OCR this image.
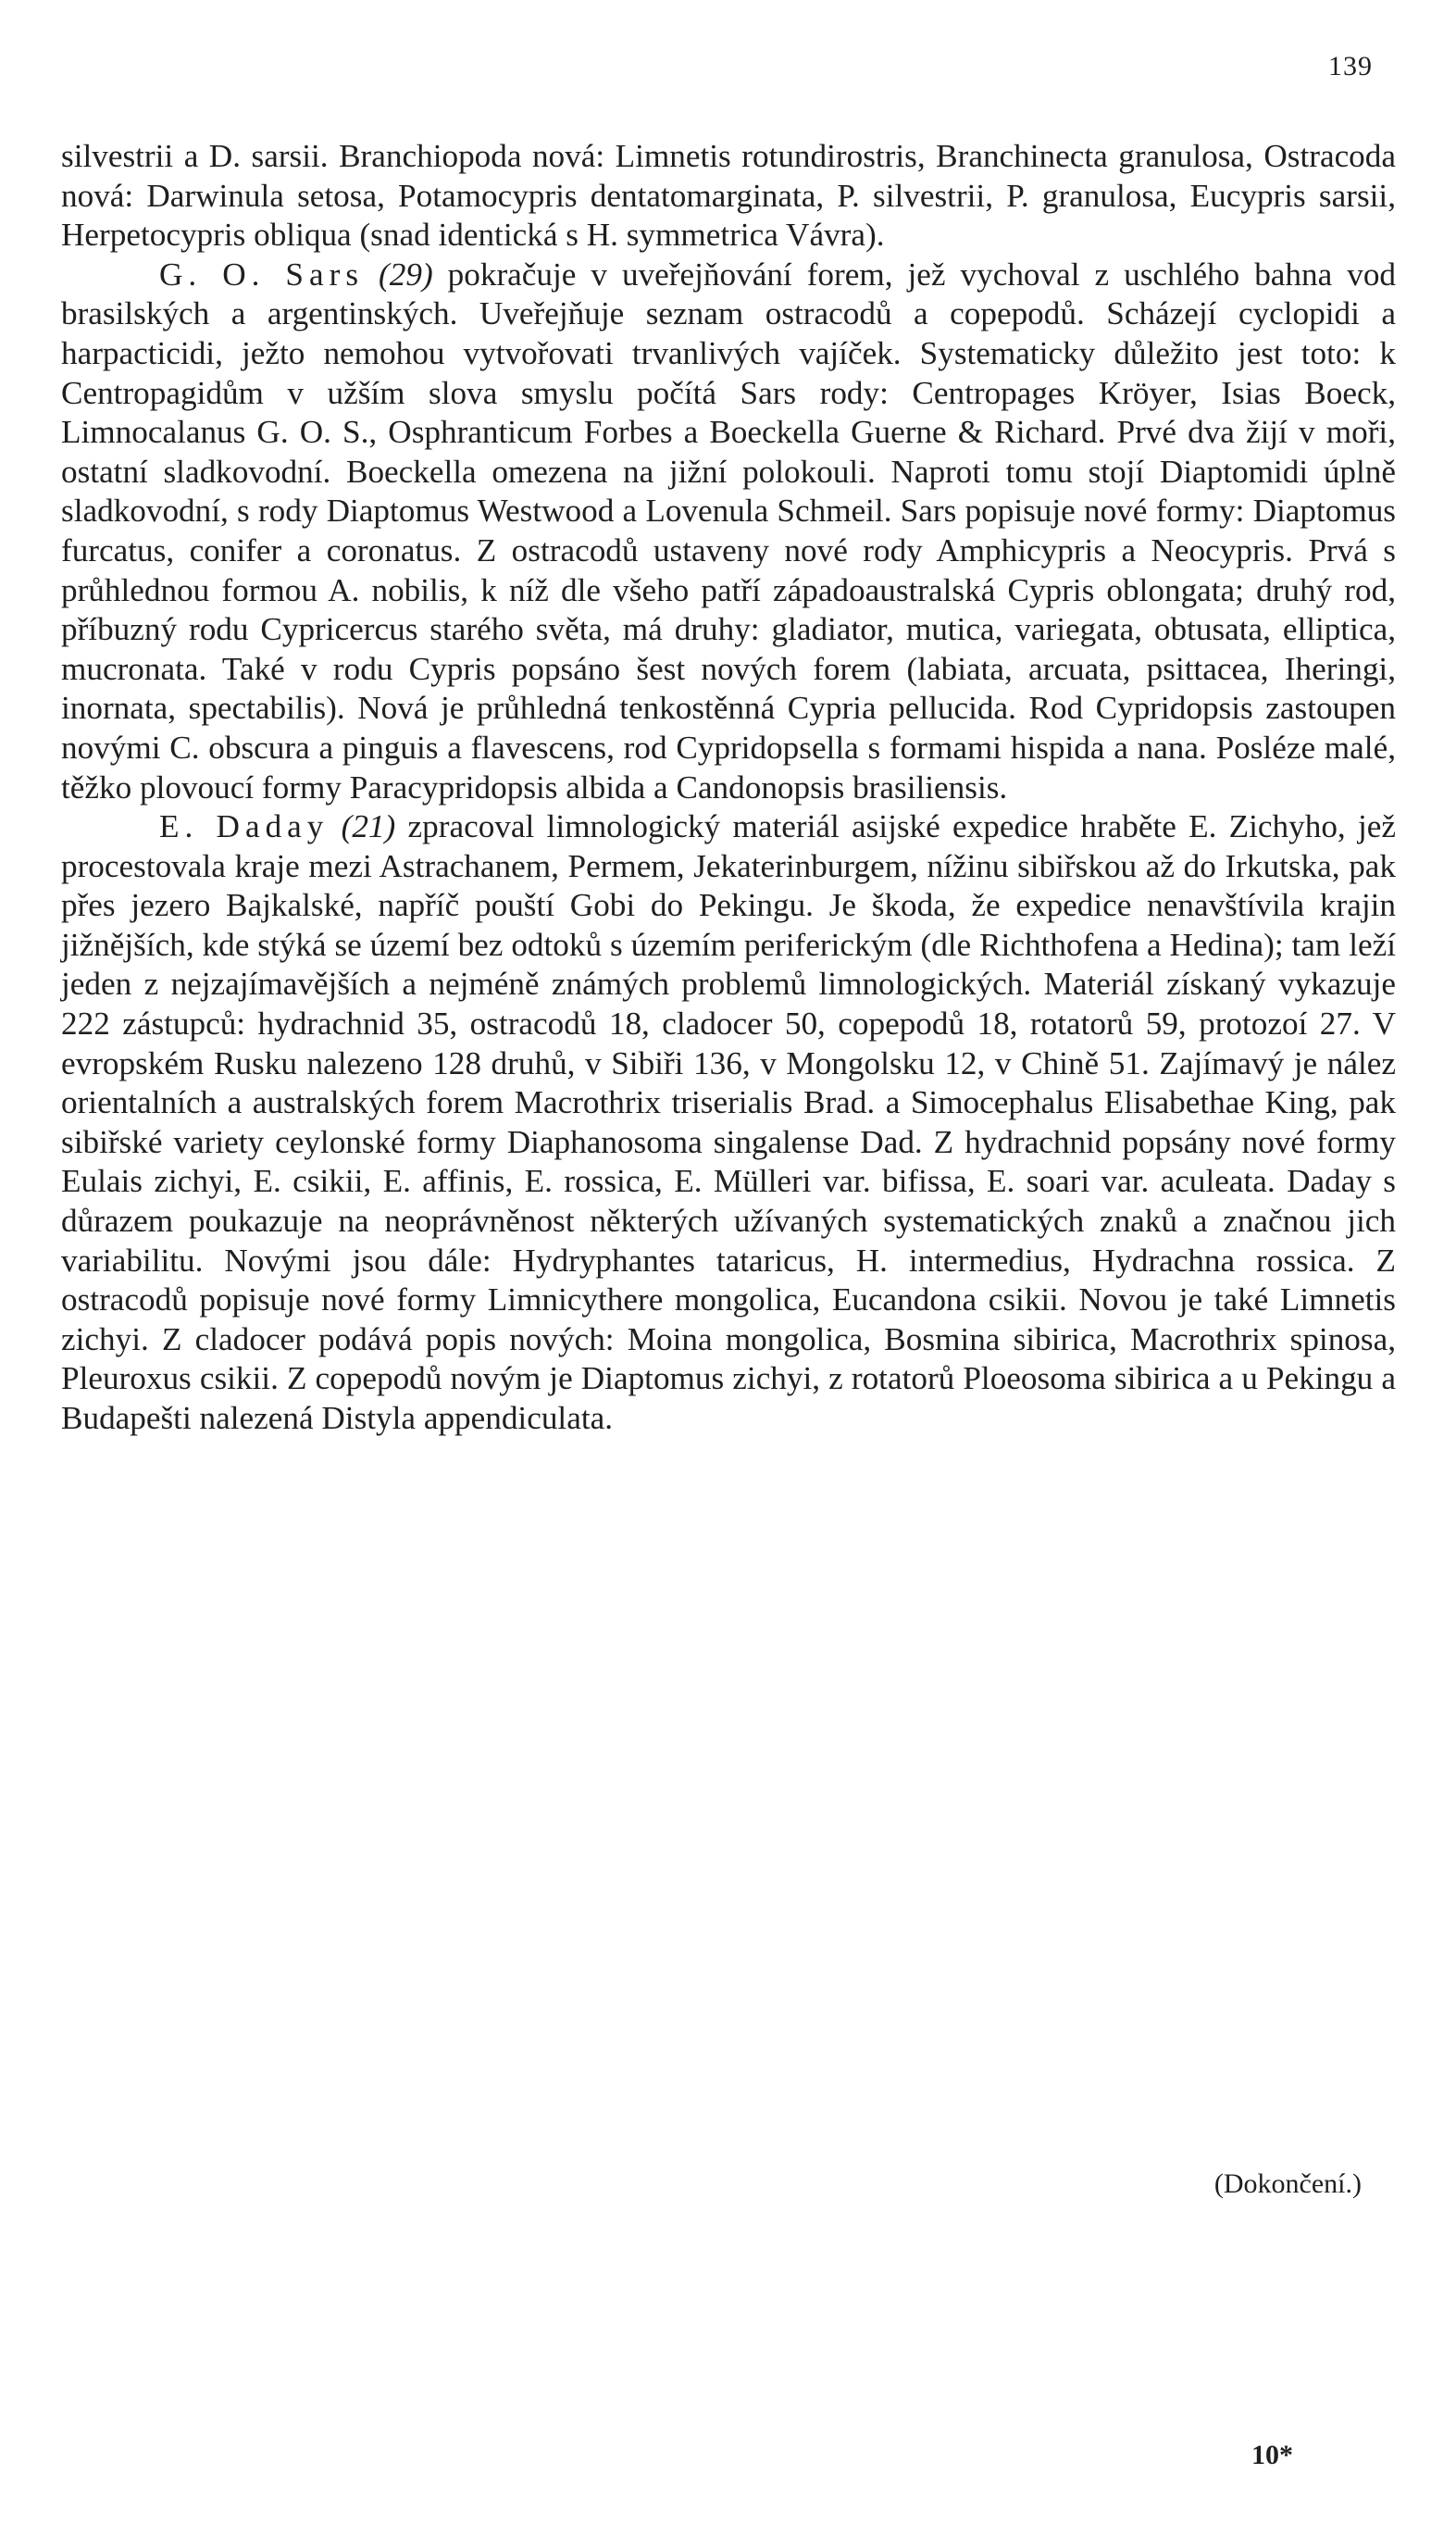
139

silvestrii a D. sarsii. Branchiopoda nová: Limnetis rotundirostris, Branchinecta granulosa, Ostracoda nová: Darwinula setosa, Potamocypris dentatomarginata, P. silvestrii, P. granulosa, Eucypris sarsii, Herpetocypris obliqua (snad identická s H. symmetrica Vávra).

G. O. Sars (29) pokračuje v uveřejňování forem, jež vychoval z uschlého bahna vod brasilských a argentinských. Uveřejňuje seznam ostracodů a copepodů. Scházejí cyclopidi a harpacticidi, ježto nemohou vytvořovati trvanlivých vajíček. Systematicky důležito jest toto: k Centropagidům v užším slova smyslu počítá Sars rody: Centropages Kröyer, Isias Boeck, Limnocalanus G. O. S., Osphranticum Forbes a Boeckella Guerne & Richard. Prvé dva žijí v moři, ostatní sladkovodní. Boeckella omezena na jižní polokouli. Naproti tomu stojí Diaptomidi úplně sladkovodní, s rody Diaptomus Westwood a Lovenula Schmeil. Sars popisuje nové formy: Diaptomus furcatus, conifer a coronatus. Z ostracodů ustaveny nové rody Amphicypris a Neocypris. Prvá s průhlednou formou A. nobilis, k níž dle všeho patří západoaustralská Cypris oblongata; druhý rod, příbuzný rodu Cypricercus starého světa, má druhy: gladiator, mutica, variegata, obtusata, elliptica, mucronata. Také v rodu Cypris popsáno šest nových forem (labiata, arcuata, psittacea, Iheringi, inornata, spectabilis). Nová je průhledná tenkostěnná Cypria pellucida. Rod Cypridopsis zastoupen novými C. obscura a pinguis a flavescens, rod Cypridopsella s formami hispida a nana. Posléze malé, těžko plovoucí formy Paracypridopsis albida a Candonopsis brasiliensis.

E. Daday (21) zpracoval limnologický materiál asijské expedice hraběte E. Zichyho, jež procestovala kraje mezi Astrachanem, Permem, Jekaterinburgem, nížinu sibiřskou až do Irkutska, pak přes jezero Bajkalské, napříč pouští Gobi do Pekingu. Je škoda, že expedice nenavštívila krajin jižnějších, kde stýká se území bez odtoků s územím periferickým (dle Richthofena a Hedina); tam leží jeden z nejzajímavějších a nejméně známých problemů limnologických. Materiál získaný vykazuje 222 zástupců: hydrachnid 35, ostracodů 18, cladocer 50, copepodů 18, rotatorů 59, protozoí 27. V evropském Rusku nalezeno 128 druhů, v Sibiři 136, v Mongolsku 12, v Chině 51. Zajímavý je nález orientalních a australských forem Macrothrix triserialis Brad. a Simocephalus Elisabethae King, pak sibiřské variety ceylonské formy Diaphanosoma singalense Dad. Z hydrachnid popsány nové formy Eulais zichyi, E. csikii, E. affinis, E. rossica, E. Mülleri var. bifissa, E. soari var. aculeata. Daday s důrazem poukazuje na neoprávněnost některých užívaných systematických znaků a značnou jich variabilitu. Novými jsou dále: Hydryphantes tataricus, H. intermedius, Hydrachna rossica. Z ostracodů popisuje nové formy Limnicythere mongolica, Eucandona csikii. Novou je také Limnetis zichyi. Z cladocer podává popis nových: Moina mongolica, Bosmina sibirica, Macrothrix spinosa, Pleuroxus csikii. Z copepodů novým je Diaptomus zichyi, z rotatorů Ploeosoma sibirica a u Pekingu a Budapešti nalezená Distyla appendiculata.

(Dokončení.)
10*
